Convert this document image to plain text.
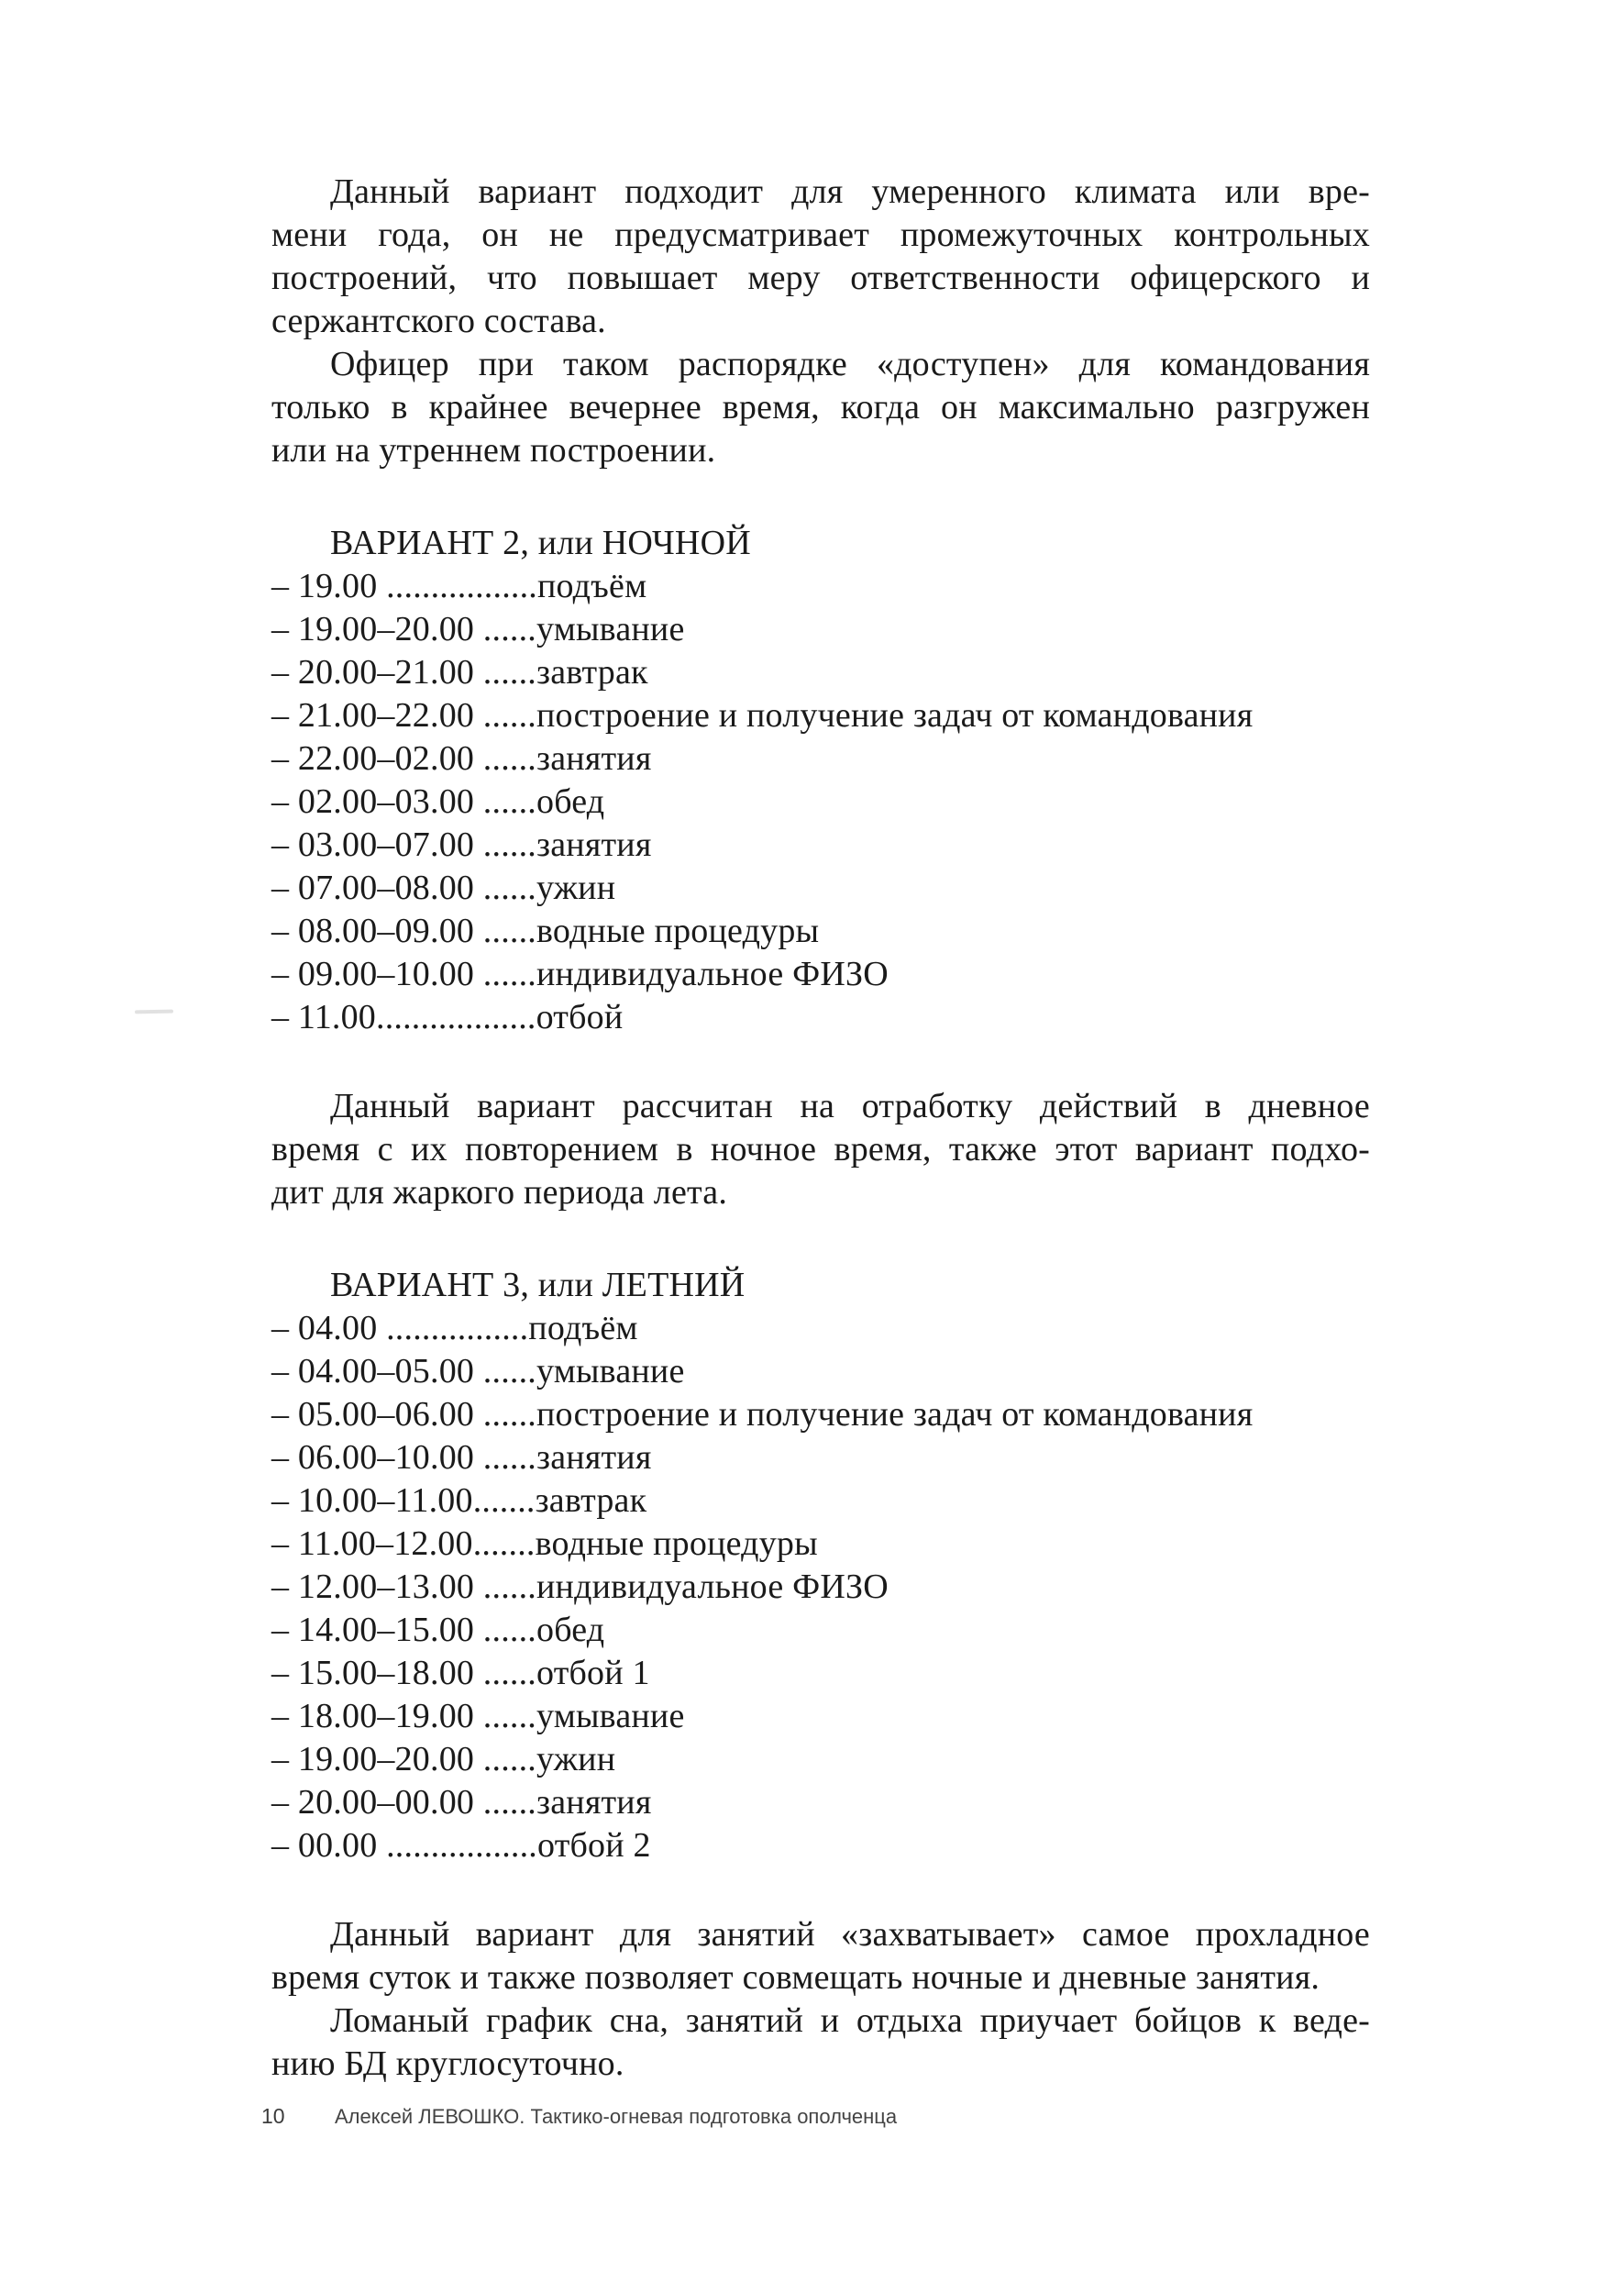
Данный вариант подходит для умеренного климата или вре-
мени года, он не предусматривает промежуточных контрольных
построений, что повышает меру ответственности офицерского и
сержантского состава.
Офицер при таком распорядке «доступен» для командования
только в крайнее вечернее время, когда он максимально разгружен
или на утреннем построении.
ВАРИАНТ 2, или НОЧНОЙ
– 19.00 .................подъём
– 19.00–20.00 ......умывание
– 20.00–21.00 ......завтрак
– 21.00–22.00 ......построение и получение задач от командования
– 22.00–02.00 ......занятия
– 02.00–03.00 ......обед
– 03.00–07.00 ......занятия
– 07.00–08.00 ......ужин
– 08.00–09.00 ......водные процедуры
– 09.00–10.00 ......индивидуальное ФИЗО
– 11.00..................отбой
Данный вариант рассчитан на отработку действий в дневное
время с их повторением в ночное время, также этот вариант подхо-
дит для жаркого периода лета.
ВАРИАНТ 3, или ЛЕТНИЙ
– 04.00 ................подъём
– 04.00–05.00 ......умывание
– 05.00–06.00 ......построение и получение задач от командования
– 06.00–10.00 ......занятия
– 10.00–11.00.......завтрак
– 11.00–12.00.......водные процедуры
– 12.00–13.00 ......индивидуальное ФИЗО
– 14.00–15.00 ......обед
– 15.00–18.00 ......отбой 1
– 18.00–19.00 ......умывание
– 19.00–20.00 ......ужин
– 20.00–00.00 ......занятия
– 00.00 .................отбой 2
Данный вариант для занятий «захватывает» самое прохладное
время суток и также позволяет совмещать ночные и дневные занятия.
Ломаный график сна, занятий и отдыха приучает бойцов к веде-
нию БД круглосуточно.
10 Алексей ЛЕВОШКО. Тактико-огневая подготовка ополченца
